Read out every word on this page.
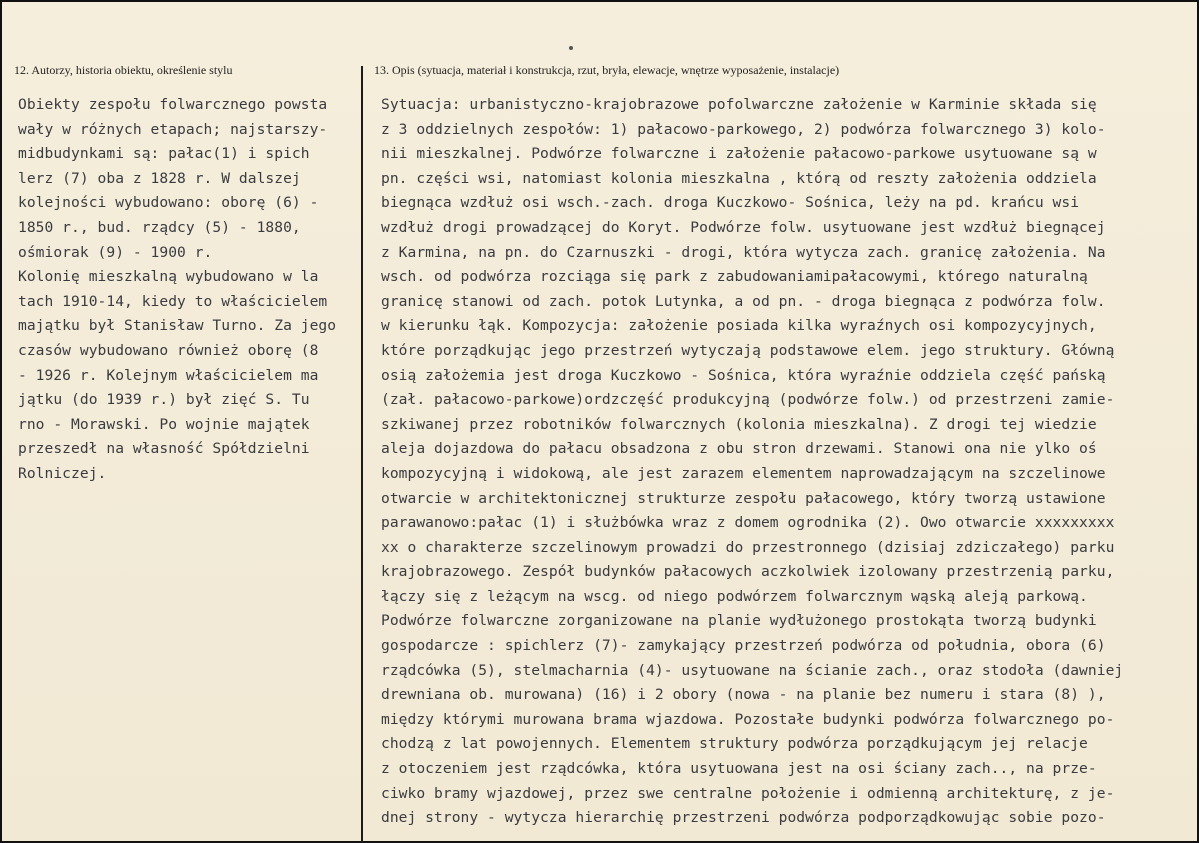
12. Autorzy, historia obiektu, określenie stylu	13. Opis (sytuacja, materiał i konstrukcja, rzut, bryła, elewacje, wnętrze wyposażenie, instalacje)
Obiekty zespołu folwarcznego powsta
wały w różnych etapach; najstarszy-
midbudynkami są: pałac(1) i spich
lerz (7) oba z 1828 r. W dalszej
kolejności wybudowano: oborę (6) -
1850 r., bud. rządcy (5) - 1880,
ośmiorak (9) - 1900 r.
Kolonię mieszkalną wybudowano w la
tach 1910-14, kiedy to właścicielem
majątku był Stanisław Turno. Za jego
czasów wybudowano również oborę (8
- 1926 r. Kolejnym właścicielem ma
jątku (do 1939 r.) był zięć S. Tu
rno - Morawski. Po wojnie majątek
przeszedł na własność Spółdzielni
Rolniczej.
Sytuacja: urbanistyczno-krajobrazowe pofolwarczne założenie w Karminie składa się
z 3 oddzielnych zespołów: 1) pałacowo-parkowego, 2) podwórza folwarcznego 3) kolo-
nii mieszkalnej. Podwórze folwarczne i założenie pałacowo-parkowe usytuowane są w
pn. części wsi, natomiast kolonia mieszkalna , którą od reszty założenia oddziela
biegnąca wzdłuż osi wsch.-zach. droga Kuczkowo- Sośnica, leży na pd. krańcu wsi
wzdłuż drogi prowadzącej do Koryt. Podwórze folw. usytuowane jest wzdłuż biegnącej
z Karmina, na pn. do Czarnuszki - drogi, która wytycza zach. granicę założenia. Na
wsch. od podwórza rozciąga się park z zabudowaniamipałacowymi, którego naturalną
granicę stanowi od zach. potok Lutynka, a od pn. - droga biegnąca z podwórza folw.
w kierunku łąk. Kompozycja: założenie posiada kilka wyraźnych osi kompozycyjnych,
które porządkując jego przestrzeń wytyczają podstawowe elem. jego struktury. Główną
osią założemia jest droga Kuczkowo - Sośnica, która wyraźnie oddziela część pańską
(zał. pałacowo-parkowe)ordzczęść produkcyjną (podwórze folw.) od przestrzeni zamie-
szkiwanej przez robotników folwarcznych (kolonia mieszkalna). Z drogi tej wiedzie
aleja dojazdowa do pałacu obsadzona z obu stron drzewami. Stanowi ona nie ylko oś
kompozycyjną i widokową, ale jest zarazem elementem naprowadzającym na szczelinowe
otwarcie w architektonicznej strukturze zespołu pałacowego, który tworzą ustawione
parawanowo:pałac (1) i służbówka wraz z domem ogrodnika (2). Owo otwarcie xxxxxxxxx
xx o charakterze szczelinowym prowadzi do przestronnego (dzisiaj zdziczałego) parku
krajobrazowego. Zespół budynków pałacowych aczkolwiek izolowany przestrzenią parku,
łączy się z leżącym na wscg. od niego podwórzem folwarcznym wąską aleją parkową.
Podwórze folwarczne zorganizowane na planie wydłużonego prostokąta tworzą budynki
gospodarcze : spichlerz (7)- zamykający przestrzeń podwórza od południa, obora (6)
rządcówka (5), stelmacharnia (4)- usytuowane na ścianie zach., oraz stodoła (dawniej
drewniana ob. murowana) (16) i 2 obory (nowa - na planie bez numeru i stara (8) ),
między którymi murowana brama wjazdowa. Pozostałe budynki podwórza folwarcznego po-
chodzą z lat powojennych. Elementem struktury podwórza porządkującym jej relacje
z otoczeniem jest rządcówka, która usytuowana jest na osi ściany zach.., na prze-
ciwko bramy wjazdowej, przez swe centralne położenie i odmienną architekturę, z je-
dnej strony - wytycza hierarchię przestrzeni podwórza podporządkowując sobie pozo-
